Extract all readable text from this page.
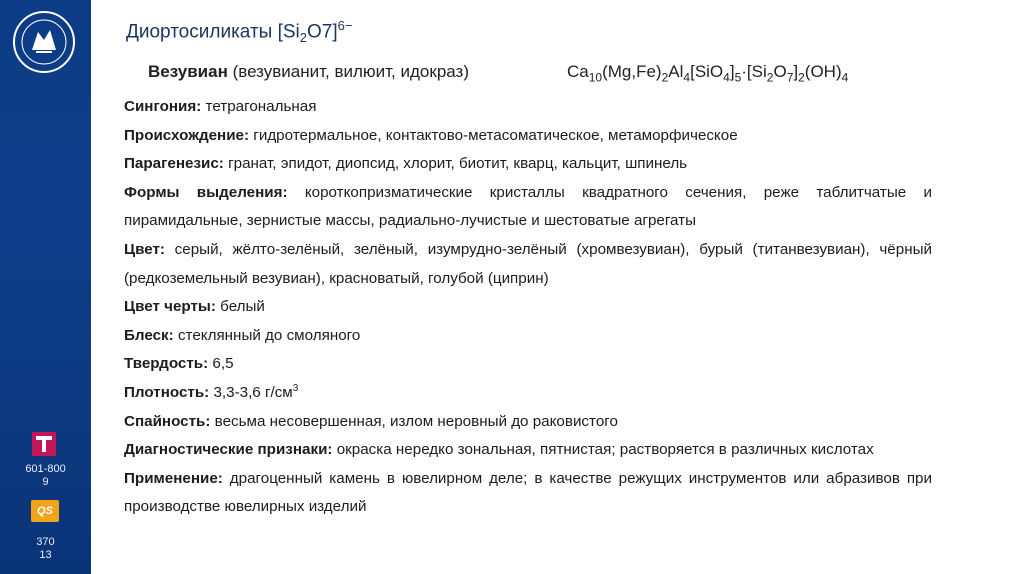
601-800
9
QS
370
13
Диортосиликаты $[Si_2O7]^{6-}$
Везувиан (везувианит, вилюит, идокраз)	$Ca_{10}(Mg,Fe)_2Al_4[SiO_4]_5\cdot[Si_2O_7]_2(OH)_4$
Сингония: тетрагональная
Происхождение: гидротермальное, контактово-метасоматическое, метаморфическое
Парагенезис: гранат, эпидот, диопсид, хлорит, биотит, кварц, кальцит, шпинель
Формы выделения: короткопризматические кристаллы квадратного сечения, реже таблитчатые и пирамидальные, зернистые массы, радиально-лучистые и шестоватые агрегаты
Цвет: серый, жёлто-зелёный, зелёный, изумрудно-зелёный (хромвезувиан), бурый (титанвезувиан), чёрный (редкоземельный везувиан), красноватый, голубой (циприн)
Цвет черты: белый
Блеск: стеклянный до смоляного
Твердость: 6,5
Плотность: 3,3-3,6 $г/см^3$
Спайность: весьма несовершенная, излом неровный до раковистого
Диагностические признаки: окраска нередко зональная, пятнистая; растворяется в различных кислотах
Применение: драгоценный камень в ювелирном деле; в качестве режущих инструментов или абразивов при производстве ювелирных изделий
